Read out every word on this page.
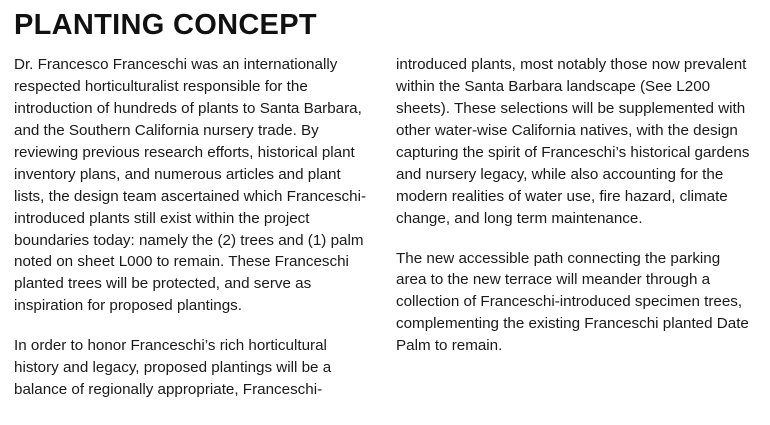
PLANTING CONCEPT

Dr. Francesco Franceschi was an internationally respected horticulturalist responsible for the introduction of hundreds of plants to Santa Barbara, and the Southern California nursery trade. By reviewing previous research efforts, historical plant inventory plans, and numerous articles and plant lists, the design team ascertained which Franceschi-introduced plants still exist within the project boundaries today: namely the (2) trees and (1) palm noted on sheet L000 to remain. These Franceschi planted trees will be protected, and serve as inspiration for proposed plantings.

In order to honor Franceschi’s rich horticultural history and legacy, proposed plantings will be a balance of regionally appropriate, Franceschi-

introduced plants, most notably those now prevalent within the Santa Barbara landscape (See L200 sheets). These selections will be supplemented with other water-wise California natives, with the design capturing the spirit of Franceschi’s historical gardens and nursery legacy, while also accounting for the modern realities of water use, fire hazard, climate change, and long term maintenance.

The new accessible path connecting the parking area to the new terrace will meander through a collection of Franceschi-introduced specimen trees, complementing the existing Franceschi planted Date Palm to remain.
